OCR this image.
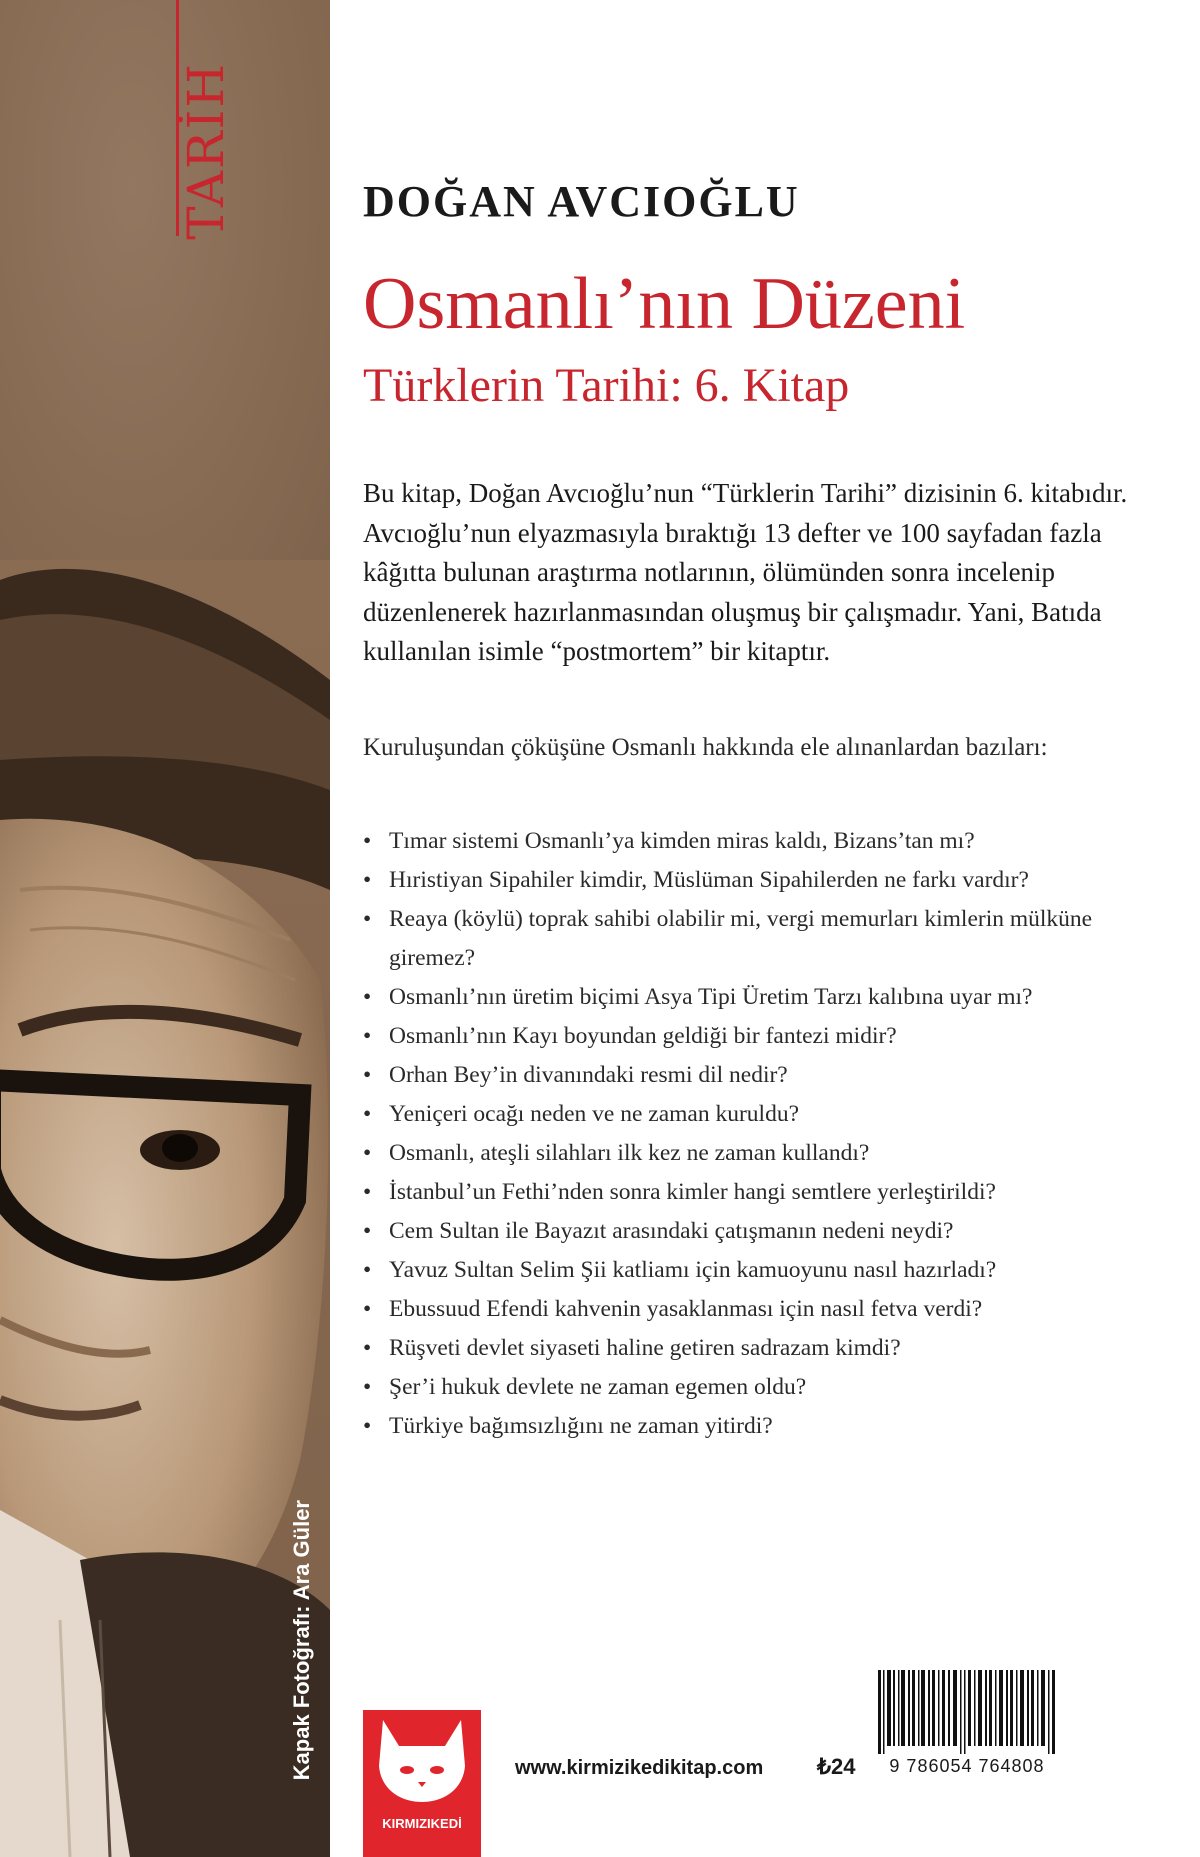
TARİH
Kapak Fotoğrafı: Ara Güler
DOĞAN AVCIOĞLU
Osmanlı’nın Düzeni
Türklerin Tarihi: 6. Kitap

Bu kitap, Doğan Avcıoğlu’nun “Türklerin Tarihi” dizisinin 6. kitabıdır. Avcıoğlu’nun elyazmasıyla bıraktığı 13 defter ve 100 sayfadan fazla kâğıtta bulunan araştırma notlarının, ölümünden sonra incelenip düzenlenerek hazırlanmasından oluşmuş bir çalışmadır. Yani, Batıda kullanılan isimle “postmortem” bir kitaptır.

Kuruluşundan çöküşüne Osmanlı hakkında ele alınanlardan bazıları:

• Tımar sistemi Osmanlı’ya kimden miras kaldı, Bizans’tan mı?
• Hıristiyan Sipahiler kimdir, Müslüman Sipahilerden ne farkı vardır?
• Reaya (köylü) toprak sahibi olabilir mi, vergi memurları kimlerin mülküne giremez?
• Osmanlı’nın üretim biçimi Asya Tipi Üretim Tarzı kalıbına uyar mı?
• Osmanlı’nın Kayı boyundan geldiği bir fantezi midir?
• Orhan Bey’in divanındaki resmi dil nedir?
• Yeniçeri ocağı neden ve ne zaman kuruldu?
• Osmanlı, ateşli silahları ilk kez ne zaman kullandı?
• İstanbul’un Fethi’nden sonra kimler hangi semtlere yerleştirildi?
• Cem Sultan ile Bayazıt arasındaki çatışmanın nedeni neydi?
• Yavuz Sultan Selim Şii katliamı için kamuoyunu nasıl hazırladı?
• Ebussuud Efendi kahvenin yasaklanması için nasıl fetva verdi?
• Rüşveti devlet siyaseti haline getiren sadrazam kimdi?
• Şer’i hukuk devlete ne zaman egemen oldu?
• Türkiye bağımsızlığını ne zaman yitirdi?
KIRMIZIKEDİ
www.kirmizikedikitap.com ₺24	9 786054 764808
